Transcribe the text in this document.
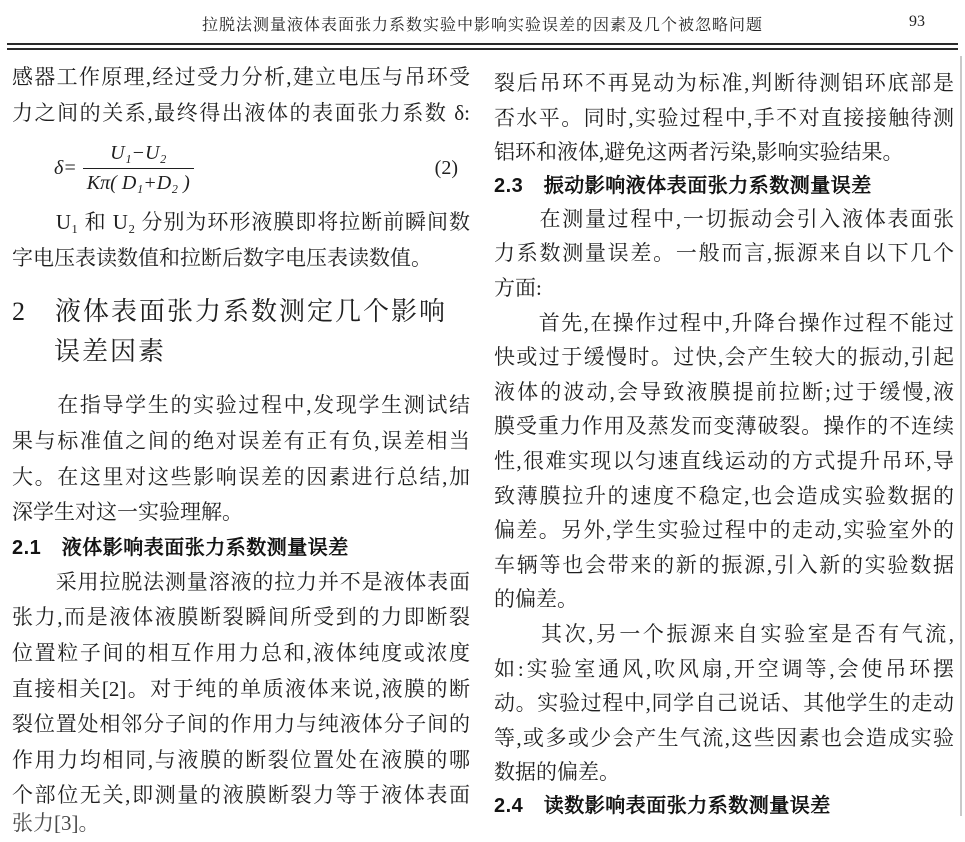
拉脱法测量液体表面张力系数实验中影响实验误差的因素及几个被忽略问题	93
感器工作原理,经过受力分析,建立电压与吊环受
力之间的关系,最终得出液体的表面张力系数 δ:
$\delta= \frac{\text{U₁−U₂}}{\text{Kπ( D₁+D₂ )}}$	(2)
　　U₁ 和 U₂ 分别为环形液膜即将拉断前瞬间数
字电压表读数值和拉断后数字电压表读数值。
2　液体表面张力系数测定几个影响
误差因素
　　在指导学生的实验过程中,发现学生测试结
果与标准值之间的绝对误差有正有负,误差相当
大。在这里对这些影响误差的因素进行总结,加
深学生对这一实验理解。
2.1　液体影响表面张力系数测量误差
　　采用拉脱法测量溶液的拉力并不是液体表面
张力,而是液体液膜断裂瞬间所受到的力即断裂
位置粒子间的相互作用力总和,液体纯度或浓度
直接相关[2]。对于纯的单质液体来说,液膜的断
裂位置处相邻分子间的作用力与纯液体分子间的
作用力均相同,与液膜的断裂位置处在液膜的哪
个部位无关,即测量的液膜断裂力等于液体表面
张力[3]。
裂后吊环不再晃动为标准,判断待测铝环底部是
否水平。同时,实验过程中,手不对直接接触待测
铝环和液体,避免这两者污染,影响实验结果。
2.3　振动影响液体表面张力系数测量误差
　　在测量过程中,一切振动会引入液体表面张
力系数测量误差。一般而言,振源来自以下几个
方面:
　　首先,在操作过程中,升降台操作过程不能过
快或过于缓慢时。过快,会产生较大的振动,引起
液体的波动,会导致液膜提前拉断;过于缓慢,液
膜受重力作用及蒸发而变薄破裂。操作的不连续
性,很难实现以匀速直线运动的方式提升吊环,导
致薄膜拉升的速度不稳定,也会造成实验数据的
偏差。另外,学生实验过程中的走动,实验室外的
车辆等也会带来的新的振源,引入新的实验数据
的偏差。
　　其次,另一个振源来自实验室是否有气流,
如:实验室通风,吹风扇,开空调等,会使吊环摆
动。实验过程中,同学自己说话、其他学生的走动
等,或多或少会产生气流,这些因素也会造成实验
数据的偏差。
2.4　读数影响表面张力系数测量误差
